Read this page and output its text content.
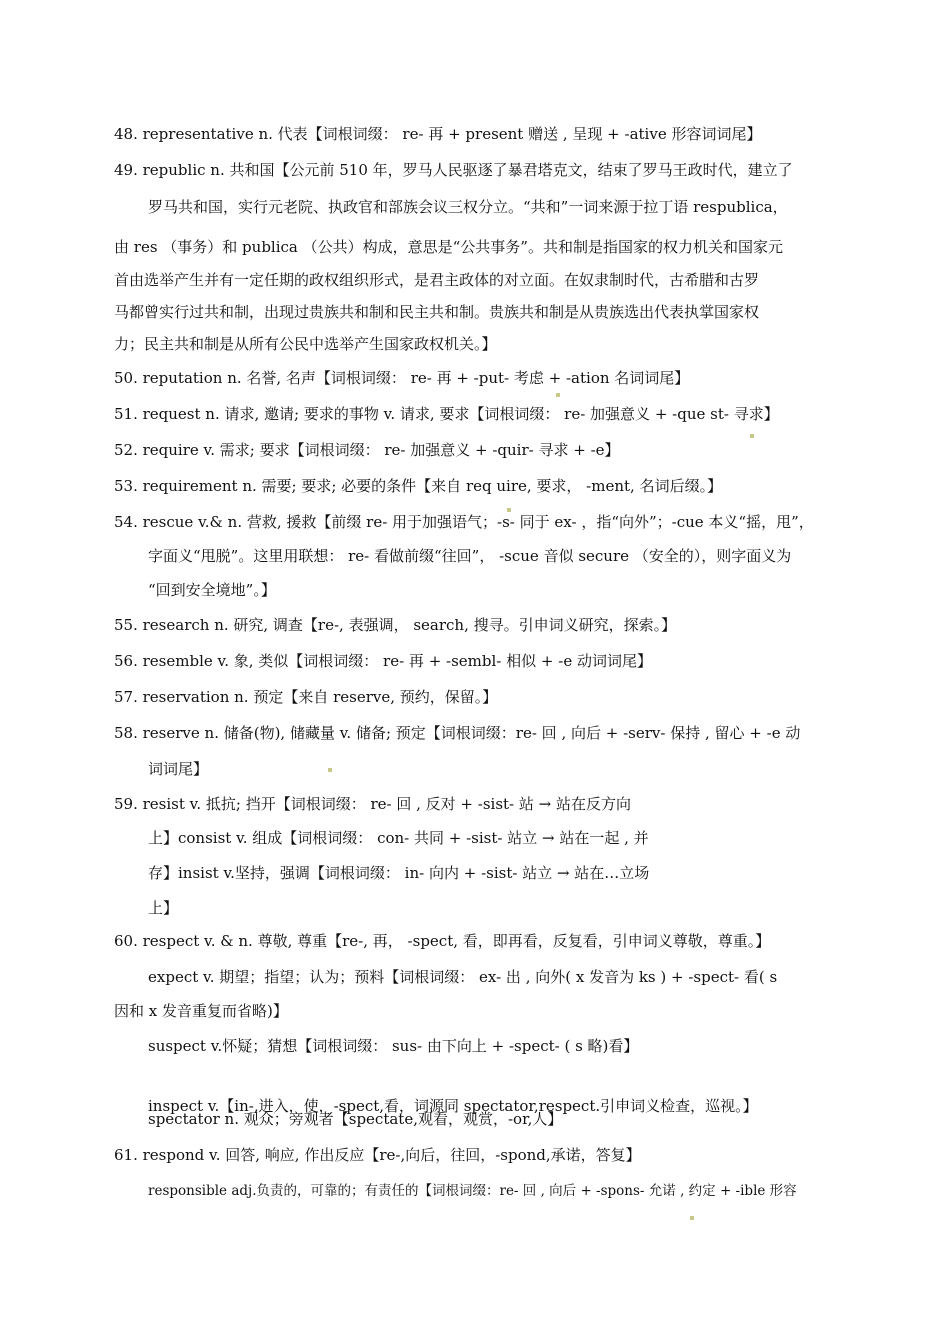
48. representative n. 代表【词根词缀： re- 再 + present 赠送 , 呈现 + -ative 形容词词尾】
49. republic n. 共和国【公元前 510 年，罗马人民驱逐了暴君塔克文，结束了罗马王政时代，建立了
罗马共和国，实行元老院、执政官和部族会议三权分立。“共和”一词来源于拉丁语 respublica，
由 res （事务）和 publica （公共）构成，意思是“公共事务”。共和制是指国家的权力机关和国家元
首由选举产生并有一定任期的政权组织形式，是君主政体的对立面。在奴隶制时代，古希腊和古罗
马都曾实行过共和制，出现过贵族共和制和民主共和制。贵族共和制是从贵族选出代表执掌国家权
力；民主共和制是从所有公民中选举产生国家政权机关。】
50. reputation n. 名誉, 名声【词根词缀： re- 再 + -put- 考虑 + -ation 名词词尾】
51. request n. 请求, 邀请; 要求的事物 v. 请求, 要求【词根词缀： re- 加强意义 + -que st- 寻求】
52. require v. 需求; 要求【词根词缀： re- 加强意义 + -quir- 寻求 + -e】
53. requirement n. 需要; 要求; 必要的条件【来自 req uire, 要求， -ment, 名词后缀。】
54. rescue v.& n. 营救, 援救【前缀 re- 用于加强语气；-s- 同于 ex- ，指“向外”；-cue 本义“摇，甩”，
字面义“甩脱”。这里用联想： re- 看做前缀“往回”， -scue 音似 secure （安全的），则字面义为
“回到安全境地”。】
55. research n. 研究, 调查【re-, 表强调， search, 搜寻。引申词义研究，探索。】
56. resemble v. 象, 类似【词根词缀： re- 再 + -sembl- 相似 + -e 动词词尾】
57. reservation n. 预定【来自 reserve, 预约，保留。】
58. reserve n. 储备(物), 储藏量 v. 储备; 预定【词根词缀：re- 回 , 向后 + -serv- 保持 , 留心 + -e 动
词词尾】
59. resist v. 抵抗; 挡开【词根词缀： re- 回 , 反对 + -sist- 站 → 站在反方向
上】consist v. 组成【词根词缀： con- 共同 + -sist- 站立 → 站在一起 , 并
存】insist v.坚持，强调【词根词缀： in- 向内 + -sist- 站立 → 站在…立场
上】
60. respect v. & n. 尊敬, 尊重【re-, 再， -spect, 看，即再看，反复看，引申词义尊敬，尊重。】
expect v. 期望；指望；认为；预料【词根词缀： ex- 出 , 向外( x 发音为 ks ) + -spect- 看( s
因和 x 发音重复而省略)】
suspect v.怀疑；猜想【词根词缀： sus- 由下向上 + -spect- ( s 略)看】
inspect v.【in-,进入，使，-spect,看，词源同 spectator,respect.引申词义检查，巡视。】
spectator n. 观众；旁观者【spectate,观看，观赏，-or,人】
61. respond v. 回答, 响应, 作出反应【re-,向后，往回，-spond,承诺，答复】
responsible adj.负责的，可靠的；有责任的【词根词缀：re- 回 , 向后 + -spons- 允诺 , 约定 + -ible 形容
